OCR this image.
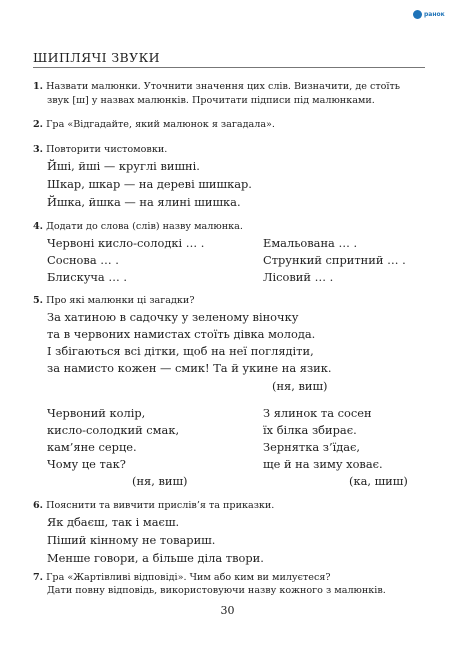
ранок
ШИПЛЯЧІ ЗВУКИ
1. Назвати малюнки. Уточнити значення цих слів. Визначити, де стоїть
звук [ш] у назвах малюнків. Прочитати підписи під малюнками.
2. Гра «Відгадайте, який малюнок я загадала».
3. Повторити чистомовки.
Йші, йші — круглі вишні.
Шкар, шкар — на дереві шишкар.
Йшка, йшка — на ялині шишка.
4. Додати до слова (слів) назву малюнка.
Червоні кисло-солодкі … .
Соснова … .
Блискуча … .
Емальована … .
Стрункий спритний … .
Лісовий … .
5. Про які малюнки ці загадки?
За хатиною в садочку у зеленому віночку
та в червоних намистах стоїть дівка молода.
І збігаються всі дітки, щоб на неї поглядіти,
за намисто кожен — смик! Та й укине на язик.
(ня, виш)
Червоний колір,
кисло-солодкий смак,
кам’яне серце.
Чому це так?
(ня, виш)
З ялинок та сосен
їх білка збирає.
Зернятка з’їдає,
ще й на зиму ховає.
(ка, шиш)
6. Пояснити та вивчити прислів’я та приказки.
Як дбаєш, так і маєш.
Піший кінному не товариш.
Менше говори, а більше діла твори.
7. Гра «Жартівливі відповіді». Чим або ким ви милуєтеся?
Дати повну відповідь, використовуючи назву кожного з малюнків.
30
